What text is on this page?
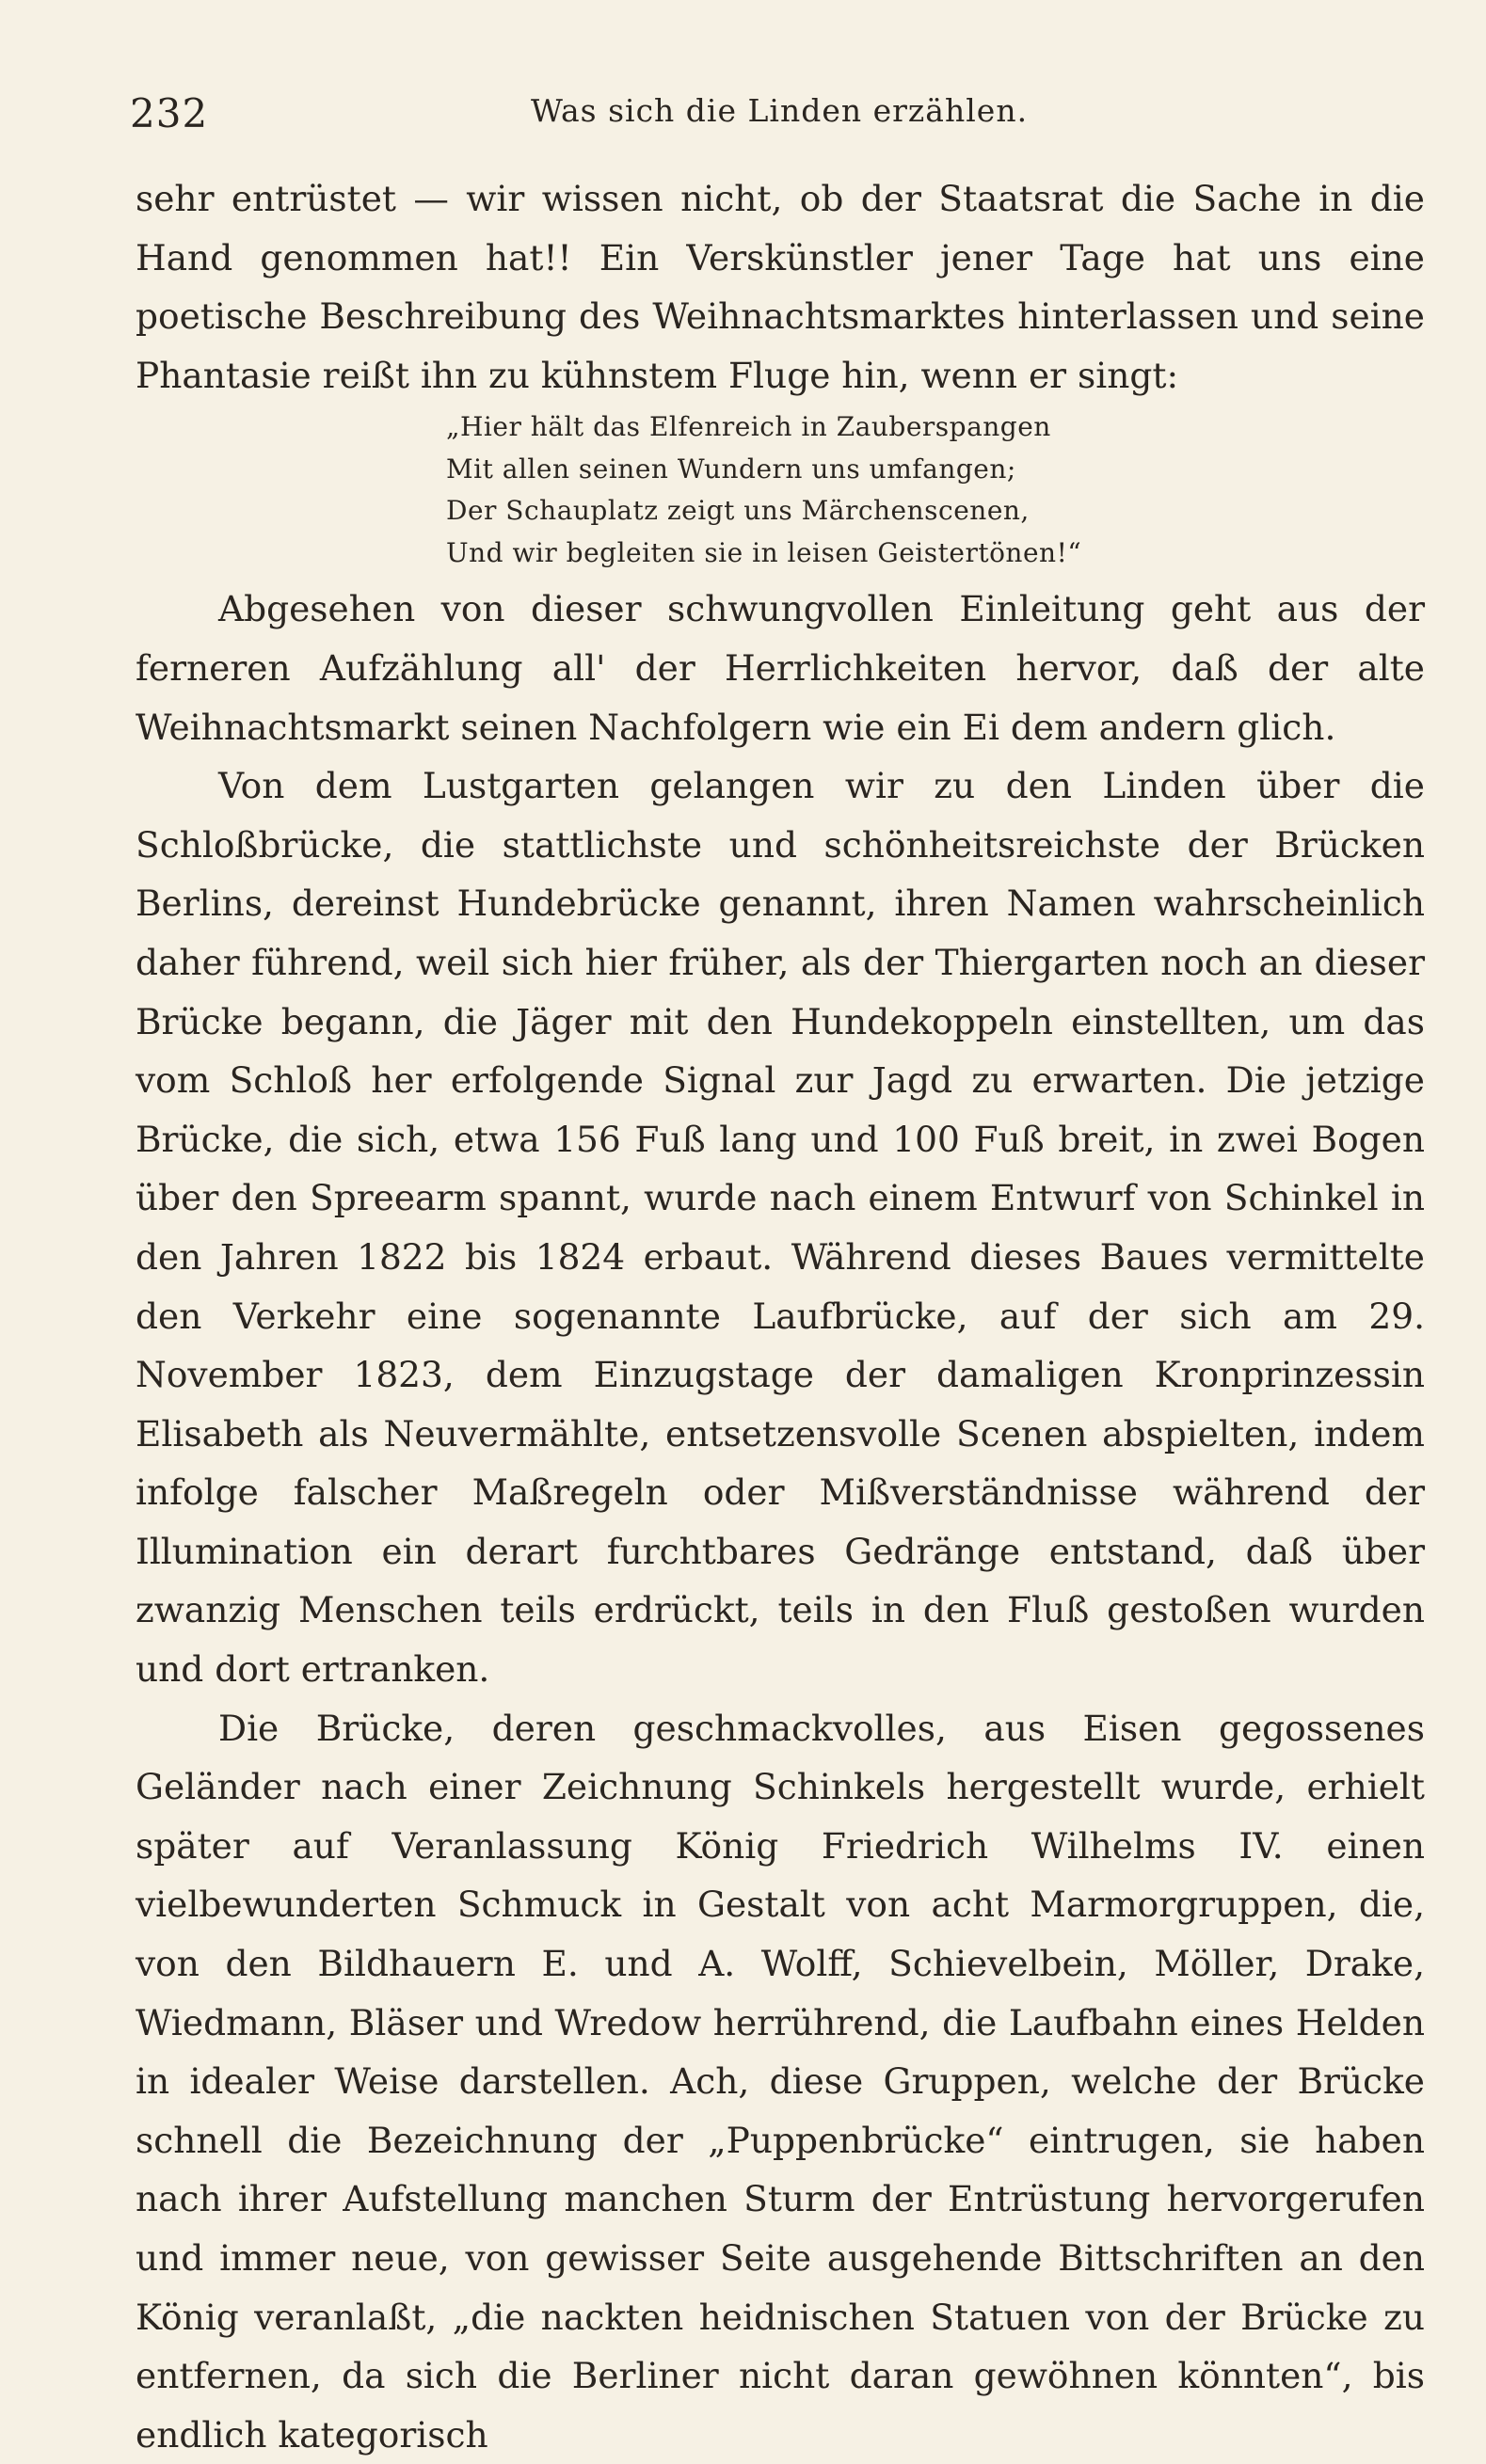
232	Was sich die Linden erzählen.

sehr entrüstet — wir wissen nicht, ob der Staatsrat die Sache in die Hand genommen hat!! Ein Verskünstler jener Tage hat uns eine poetische Beschreibung des Weihnachtsmarktes hinterlassen und seine Phantasie reißt ihn zu kühnstem Fluge hin, wenn er singt:

„Hier hält das Elfenreich in Zauberspangen
Mit allen seinen Wundern uns umfangen;
Der Schauplatz zeigt uns Märchenscenen,
Und wir begleiten sie in leisen Geistertönen!“

Abgesehen von dieser schwungvollen Einleitung geht aus der ferneren Aufzählung all' der Herrlichkeiten hervor, daß der alte Weihnachtsmarkt seinen Nachfolgern wie ein Ei dem andern glich.

Von dem Lustgarten gelangen wir zu den Linden über die Schloßbrücke, die stattlichste und schönheitsreichste der Brücken Berlins, dereinst Hundebrücke genannt, ihren Namen wahrscheinlich daher führend, weil sich hier früher, als der Thiergarten noch an dieser Brücke begann, die Jäger mit den Hundekoppeln einstellten, um das vom Schloß her erfolgende Signal zur Jagd zu erwarten. Die jetzige Brücke, die sich, etwa 156 Fuß lang und 100 Fuß breit, in zwei Bogen über den Spreearm spannt, wurde nach einem Entwurf von Schinkel in den Jahren 1822 bis 1824 erbaut. Während dieses Baues vermittelte den Verkehr eine sogenannte Laufbrücke, auf der sich am 29. November 1823, dem Einzugstage der damaligen Kronprinzessin Elisabeth als Neuvermählte, entsetzensvolle Scenen abspielten, indem infolge falscher Maßregeln oder Mißverständnisse während der Illumination ein derart furchtbares Gedränge entstand, daß über zwanzig Menschen teils erdrückt, teils in den Fluß gestoßen wurden und dort ertranken.

Die Brücke, deren geschmackvolles, aus Eisen gegossenes Geländer nach einer Zeichnung Schinkels hergestellt wurde, erhielt später auf Veranlassung König Friedrich Wilhelms IV. einen vielbewunderten Schmuck in Gestalt von acht Marmorgruppen, die, von den Bildhauern E. und A. Wolff, Schievelbein, Möller, Drake, Wiedmann, Bläser und Wredow herrührend, die Laufbahn eines Helden in idealer Weise darstellen. Ach, diese Gruppen, welche der Brücke schnell die Bezeichnung der „Puppenbrücke“ eintrugen, sie haben nach ihrer Aufstellung manchen Sturm der Entrüstung hervorgerufen und immer neue, von gewisser Seite ausgehende Bittschriften an den König veranlaßt, „die nackten heidnischen Statuen von der Brücke zu entfernen, da sich die Berliner nicht daran gewöhnen könnten“, bis endlich kategorisch
